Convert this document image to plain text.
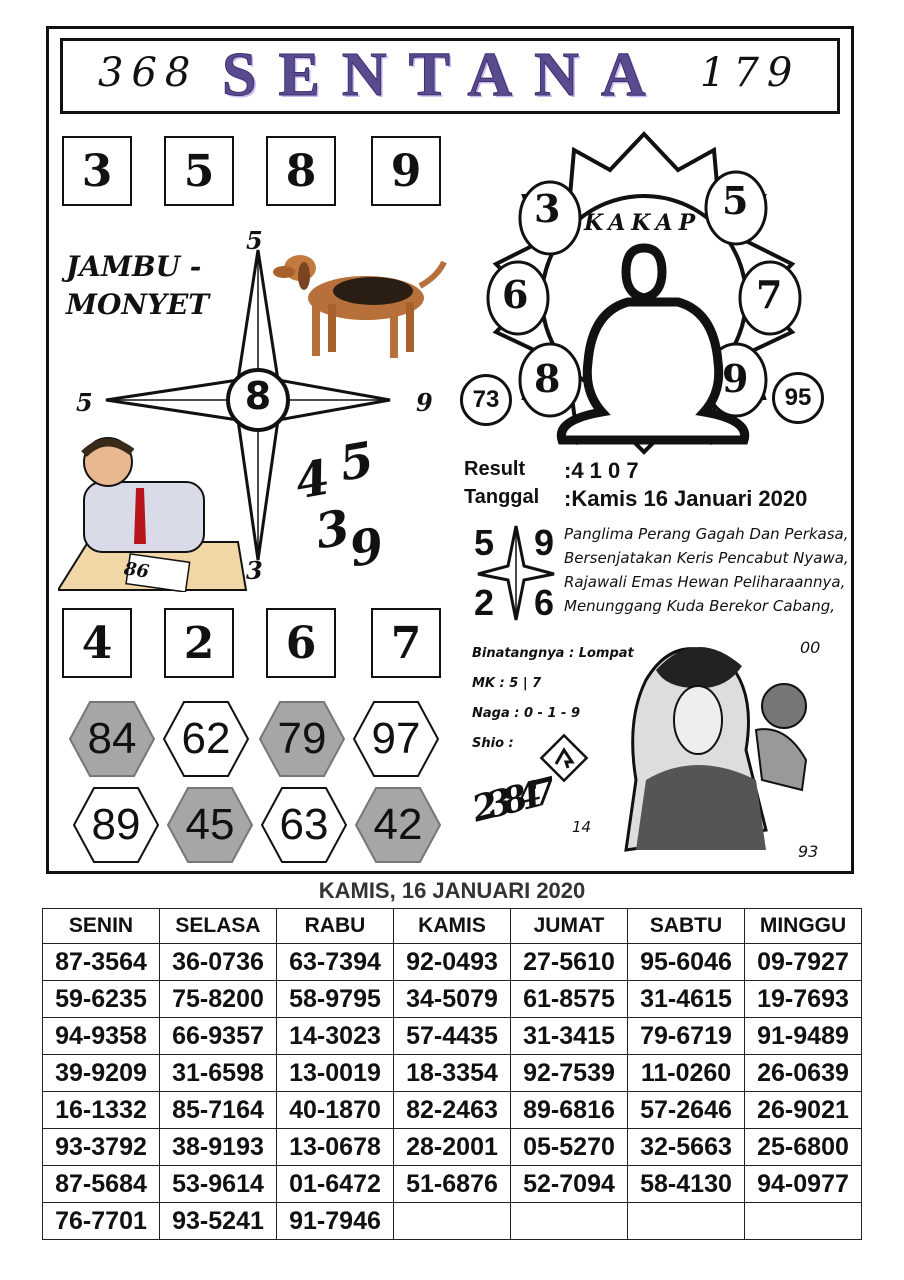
368 SENTANA 179
3	5	8	9
JAMBU - MONYET
5
5	9
3
8
86
4 5
3
9
KAKAP
3	5
6	7
8	9
73	95
Result :4 1 0 7
Tanggal :Kamis 16 Januari 2020
5 9
2 6
Panglima Perang Gagah Dan Perkasa,
Bersenjatakan Keris Pencabut Nyawa,
Rajawali Emas Hewan Peliharaannya,
Menunggang Kuda Berekor Cabang,
Binatangnya : Lompat
MK : 5 | 7
Naga : 0 - 1 - 9
Shio :
23847 14
00
93
4	2	6	7
84 62 79 97
89 45 63 42
KAMIS, 16 JANUARI 2020
SENIN	SELASA	RABU	KAMIS	JUMAT	SABTU	MINGGU
87-3564	36-0736	63-7394	92-0493	27-5610	95-6046	09-7927
59-6235	75-8200	58-9795	34-5079	61-8575	31-4615	19-7693
94-9358	66-9357	14-3023	57-4435	31-3415	79-6719	91-9489
39-9209	31-6598	13-0019	18-3354	92-7539	11-0260	26-0639
16-1332	85-7164	40-1870	82-2463	89-6816	57-2646	26-9021
93-3792	38-9193	13-0678	28-2001	05-5270	32-5663	25-6800
87-5684	53-9614	01-6472	51-6876	52-7094	58-4130	94-0977
76-7701	93-5241	91-7946				
